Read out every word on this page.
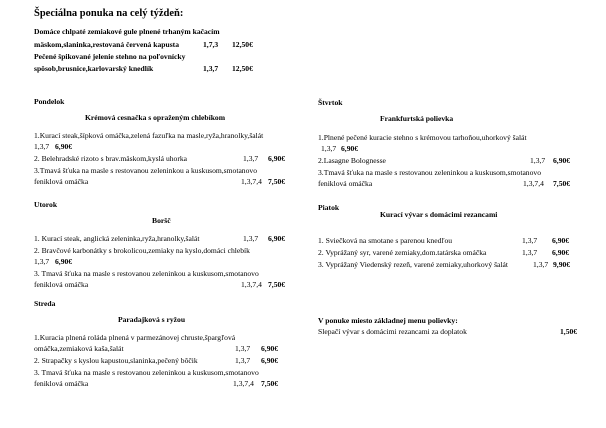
Špeciálna ponuka na celý týždeň:
Domáce chlpaté zemiakové gule plnené trhaným kačacím
mäskom,slaninka,restovaná červená kapusta	1,7,3 12,50€
Pečené špikované jelenie stehno na poľovnícky
spôsob,brusnice,karlovarský knedlík	1,3,7 12,50€
Pondelok
Krémová cesnačka s opraženým chlebíkom
1.Kurací steak,šípková omáčka,zelená fazuľka na masle,ryža,hranolky,šalát
1,3,7 6,90€
2. Belehradské rizoto s brav.mäskom,kyslá uhorka	1,3,7 6,90€
3.Tmavá šťuka na masle s restovanou zeleninkou a kuskusom,smotanovo
feniklová omáčka	1,3,7,4 7,50€
Utorok
Boršč
1. Kurací steak, anglická zeleninka,ryža,hranolky,šalát	1,3,7 6,90€
2. Bravčové karbonátky s brokolicou,zemiaky na kyslo,domáci chlebík
1,3,7 6,90€
3. Tmavá šťuka na masle s restovanou zeleninkou a kuskusom,smotanovo
feniklová omáčka	1,3,7,4 7,50€
Streda
Paradajková s ryžou
1.Kuracia plnená roláda plnená v parmezánovej chruste,špargľová
omáčka,zemiaková kaša,šalát	1,3,7 6,90€
2. Strapačky s kyslou kapustou,slaninka,pečený bôčik	1,3,7 6,90€
3. Tmavá šťuka na masle s restovanou zeleninkou a kuskusom,smotanovo
feniklová omáčka	1,3,7,4 7,50€
Štvrtok
Frankfurtská polievka
1.Plnené pečené kuracie stehno s krémovou tarhoňou,uhorkový šalát
1,3,7 6,90€
2.Lasagne Bolognesse	1,3,7 6,90€
3.Tmavá šťuka na masle s restovanou zeleninkou a kuskusom,smotanovo
feniklová omáčka	1,3,7,4 7,50€
Piatok
Kurací vývar s domácimi rezancami
1. Sviečková na smotane s parenou knedľou	1,3,7 6,90€
2. Vyprážaný syr, varené zemiaky,dom.tatárska omáčka	1,3,7 6,90€
3. Vyprážaný Viedenský rezeň, varené zemiaky,uhorkový šalát	1,3,7 9,90€
V ponuke miesto základnej menu polievky:
Slepačí vývar s domácimi rezancami za doplatok	1,50€
